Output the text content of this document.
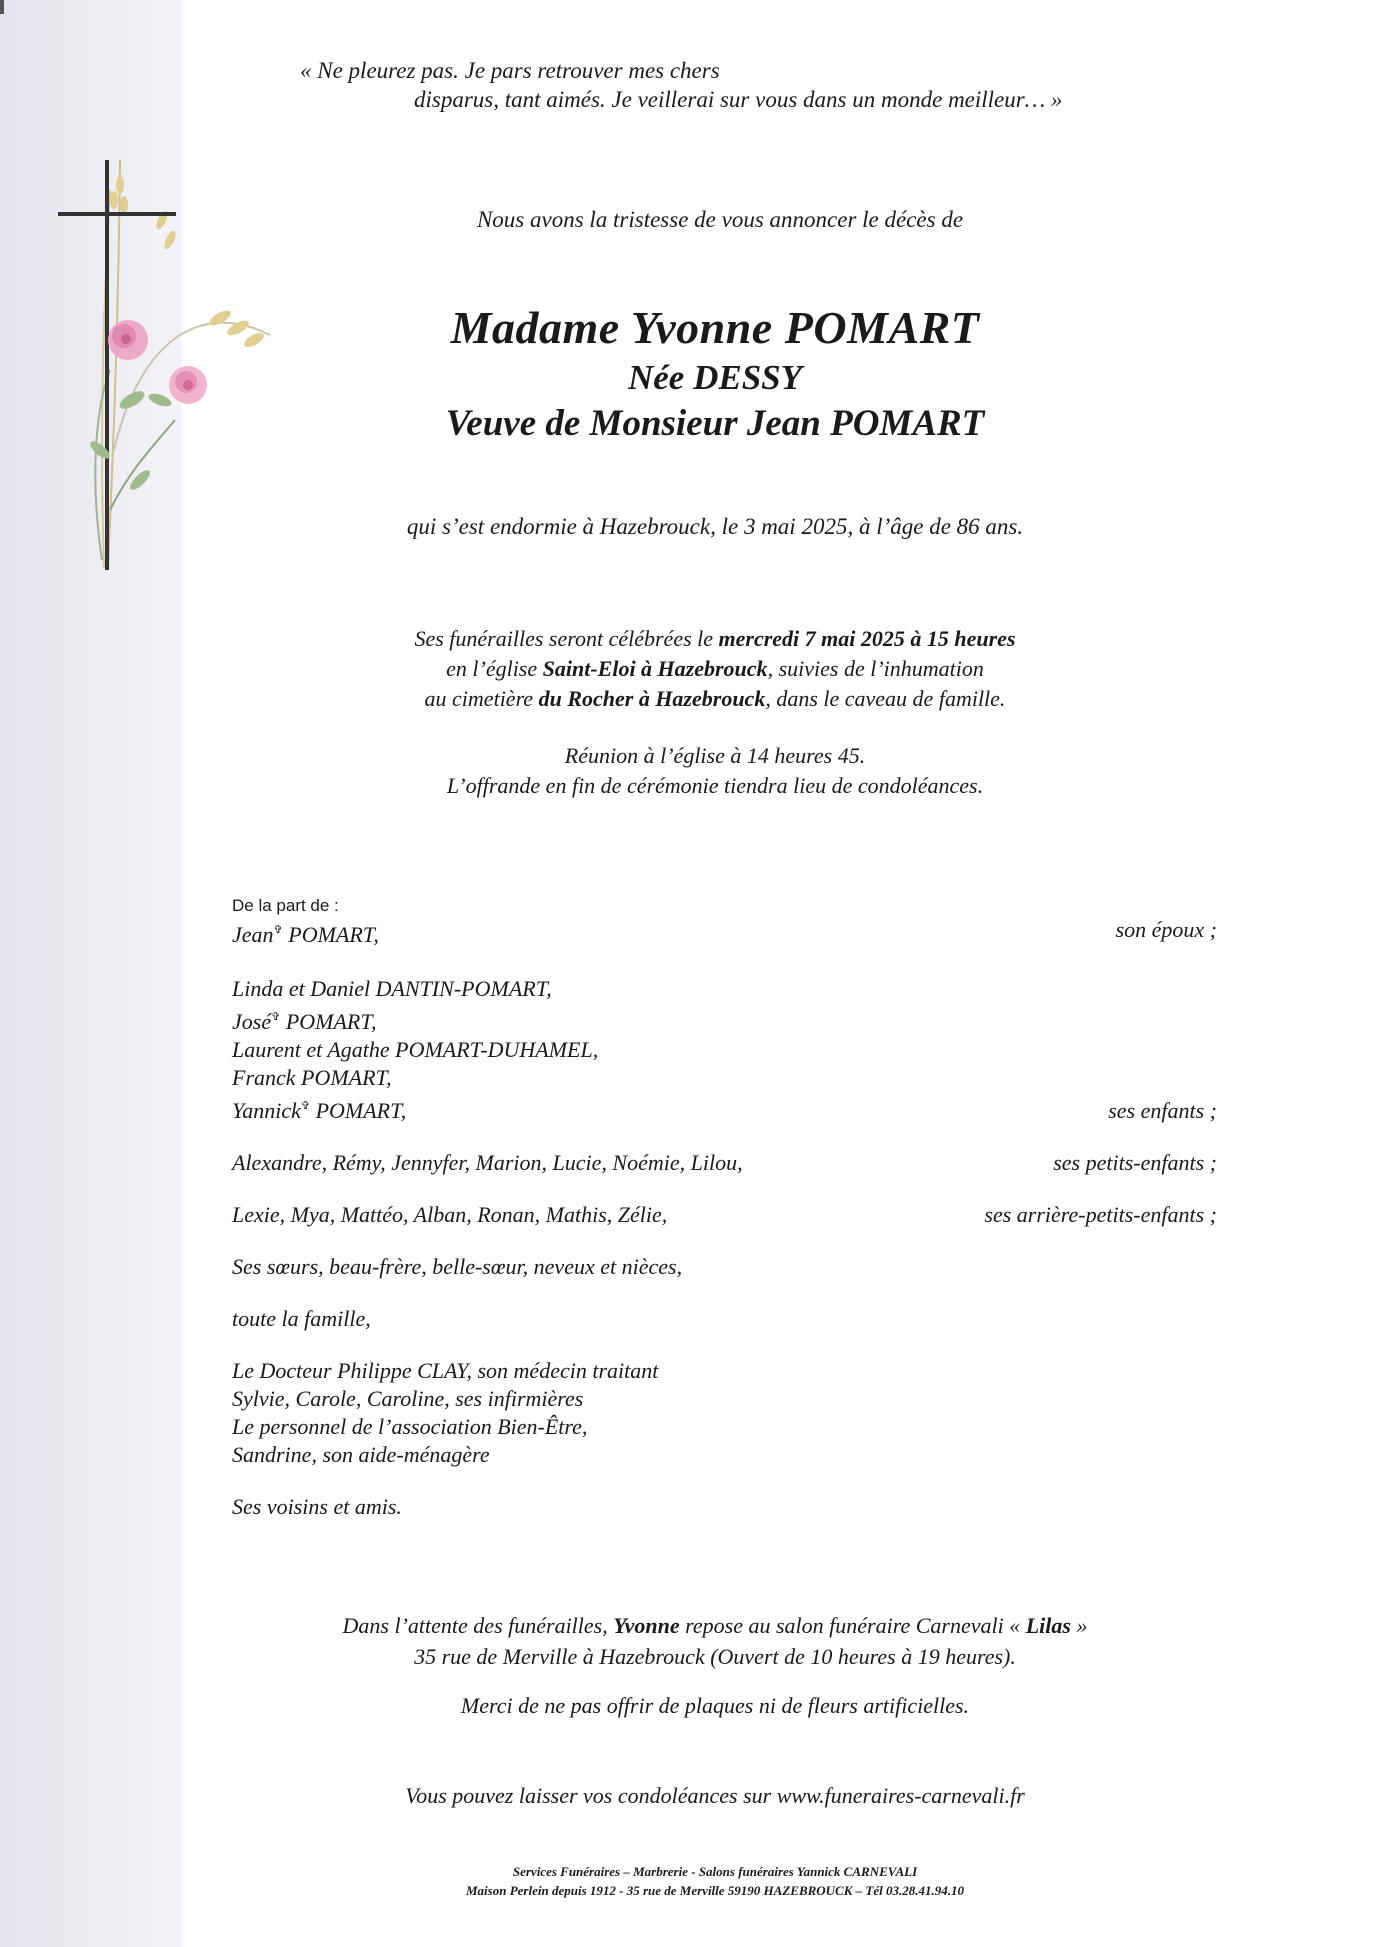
« Ne pleurez pas. Je pars retrouver mes chers
disparus, tant aimés. Je veillerai sur vous dans un monde meilleur… »
Nous avons la tristesse de vous annoncer le décès de
Madame Yvonne POMART
Née DESSY
Veuve de Monsieur Jean POMART
qui s’est endormie à Hazebrouck, le 3 mai 2025, à l’âge de 86 ans.
Ses funérailles seront célébrées le mercredi 7 mai 2025 à 15 heures
en l’église Saint-Eloi à Hazebrouck, suivies de l’inhumation
au cimetière du Rocher à Hazebrouck, dans le caveau de famille.
Réunion à l’église à 14 heures 45.
L’offrande en fin de cérémonie tiendra lieu de condoléances.
De la part de :
Jean✞ POMART,	son époux ;
Linda et Daniel DANTIN-POMART,
José✞ POMART,
Laurent et Agathe POMART-DUHAMEL,
Franck POMART,
Yannick✞ POMART,	ses enfants ;
Alexandre, Rémy, Jennyfer, Marion, Lucie, Noémie, Lilou,	ses petits-enfants ;
Lexie, Mya, Mattéo, Alban, Ronan, Mathis, Zélie,	ses arrière-petits-enfants ;
Ses sœurs, beau-frère, belle-sœur, neveux et nièces,
toute la famille,
Le Docteur Philippe CLAY, son médecin traitant
Sylvie, Carole, Caroline, ses infirmières
Le personnel de l’association Bien-Être,
Sandrine, son aide-ménagère
Ses voisins et amis.
Dans l’attente des funérailles, Yvonne repose au salon funéraire Carnevali « Lilas »
35 rue de Merville à Hazebrouck (Ouvert de 10 heures à 19 heures).
Merci de ne pas offrir de plaques ni de fleurs artificielles.
Vous pouvez laisser vos condoléances sur www.funeraires-carnevali.fr
Services Funéraires – Marbrerie - Salons funéraires Yannick CARNEVALI
Maison Perlein depuis 1912 - 35 rue de Merville 59190 HAZEBROUCK – Tél 03.28.41.94.10
